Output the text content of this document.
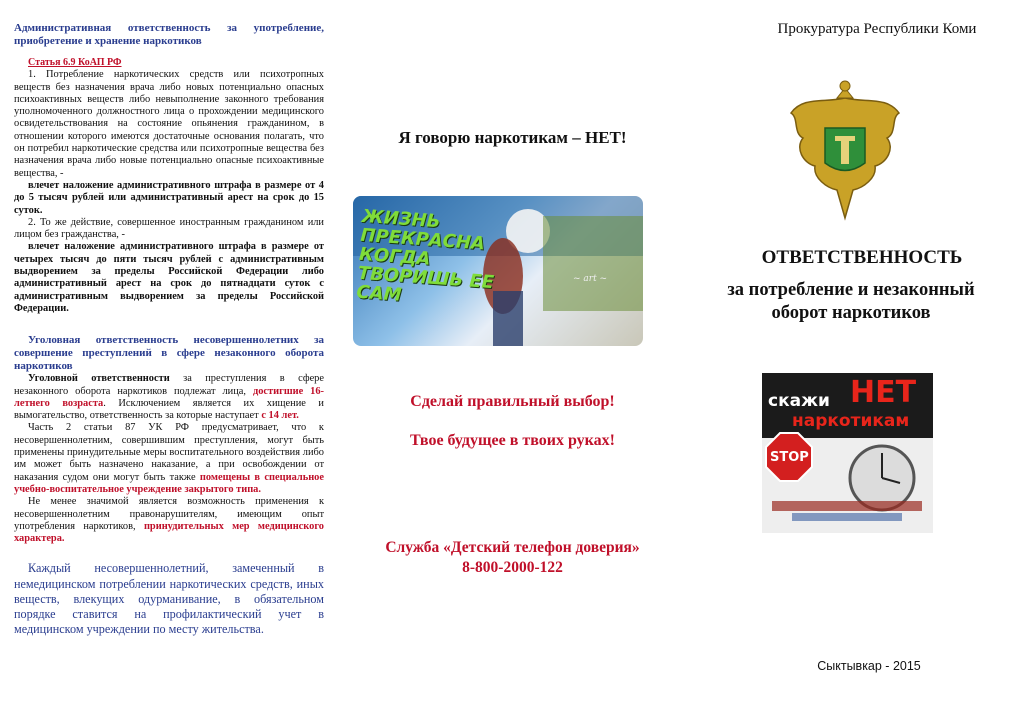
Административная ответственность за употребление, приобретение и хранение наркотиков

Статья 6.9 КоАП РФ

1. Потребление наркотических средств или психотропных веществ без назначения врача либо новых потенциально опасных психоактивных веществ либо невыполнение законного требования уполномоченного должностного лица о прохождении медицинского освидетельствования на состояние опьянения гражданином, в отношении которого имеются достаточные основания полагать, что он потребил наркотические средства или психотропные вещества без назначения врача либо новые потенциально опасные психоактивные вещества, -

влечет наложение административного штрафа в размере от 4 до 5 тысяч рублей или административный арест на срок до 15 суток.

2. То же действие, совершенное иностранным гражданином или лицом без гражданства, -

влечет наложение административного штрафа в размере от четырех тысяч до пяти тысяч рублей с административным выдворением за пределы Российской Федерации либо административный арест на срок до пятнадцати суток с административным выдворением за пределы Российской Федерации.

Уголовная ответственность несовершеннолетних за совершение преступлений в сфере незаконного оборота наркотиков

Уголовной ответственности за преступления в сфере незаконного оборота наркотиков подлежат лица, достигшие 16-летнего возраста. Исключением является их хищение и вымогательство, ответственность за которые наступает с 14 лет.

Часть 2 статьи 87 УК РФ предусматривает, что к несовершеннолетним, совершившим преступления, могут быть применены принудительные меры воспитательного воздействия либо им может быть назначено наказание, а при освобождении от наказания судом они могут быть также помещены в специальное учебно-воспитательное учреждение закрытого типа.

Не менее значимой является возможность применения к несовершеннолетним правонарушителям, имеющим опыт употребления наркотиков, принудительных мер медицинского характера.

Каждый несовершеннолетний, замеченный в немедицинском потреблении наркотических средств, иных веществ, влекущих одурманивание, в обязательном порядке ставится на профилактический учет в медицинском учреждении по месту жительства.

Я говорю наркотикам – НЕТ!
~ art ~
ЖИЗНЬ ПРЕКРАСНА КОГДА ТВОРИШЬ ЕЕ САМ
Сделай правильный выбор!
Твое будущее в твоих руках!
Служба «Детский телефон доверия»
8-800-2000-122
Прокуратура Республики Коми
ОТВЕТСТВЕННОСТЬ
за потребление и незаконный оборот наркотиков
Сыктывкар - 2015
скажи НЕТ
наркотикам
STOP
